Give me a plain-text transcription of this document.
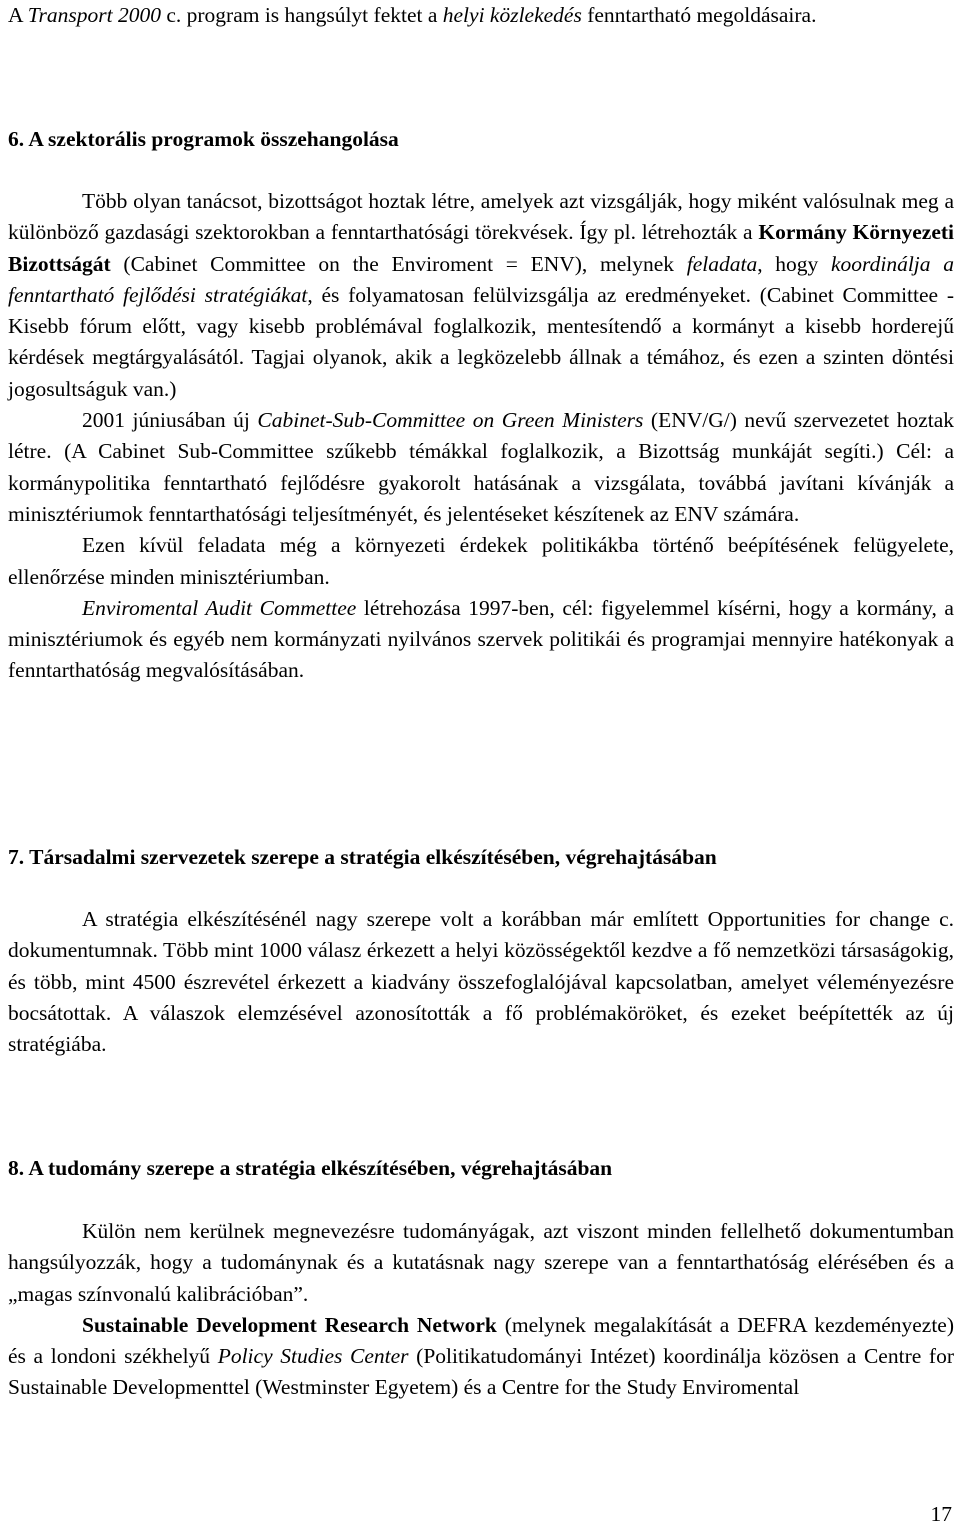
A Transport 2000 c. program is hangsúlyt fektet a helyi közlekedés fenntartható megoldásaira.

6. A szektorális programok összehangolása

Több olyan tanácsot, bizottságot hoztak létre, amelyek azt vizsgálják, hogy miként valósulnak meg a különböző gazdasági szektorokban a fenntarthatósági törekvések. Így pl. létrehozták a Kormány Környezeti Bizottságát (Cabinet Committee on the Enviroment = ENV), melynek feladata, hogy koordinálja a fenntartható fejlődési stratégiákat, és folyamatosan felülvizsgálja az eredményeket. (Cabinet Committee - Kisebb fórum előtt, vagy kisebb problémával foglalkozik, mentesítendő a kormányt a kisebb horderejű kérdések megtárgyalásától. Tagjai olyanok, akik a legközelebb állnak a témához, és ezen a szinten döntési jogosultságuk van.)

2001 júniusában új Cabinet-Sub-Committee on Green Ministers (ENV/G/) nevű szervezetet hoztak létre. (A Cabinet Sub-Committee szűkebb témákkal foglalkozik, a Bizottság munkáját segíti.) Cél: a kormánypolitika fenntartható fejlődésre gyakorolt hatásának a vizsgálata, továbbá javítani kívánják a minisztériumok fenntarthatósági teljesítményét, és jelentéseket készítenek az ENV számára.

Ezen kívül feladata még a környezeti érdekek politikákba történő beépítésének felügyelete, ellenőrzése minden minisztériumban.

Enviromental Audit Commettee létrehozása 1997-ben, cél: figyelemmel kísérni, hogy a kormány, a minisztériumok és egyéb nem kormányzati nyilvános szervek politikái és programjai mennyire hatékonyak a fenntarthatóság megvalósításában.

7. Társadalmi szervezetek szerepe a stratégia elkészítésében, végrehajtásában

A stratégia elkészítésénél nagy szerepe volt a korábban már említett Opportunities for change c. dokumentumnak. Több mint 1000 válasz érkezett a helyi közösségektől kezdve a fő nemzetközi társaságokig, és több, mint 4500 észrevétel érkezett a kiadvány összefoglalójával kapcsolatban, amelyet véleményezésre bocsátottak. A válaszok elemzésével azonosították a fő problémaköröket, és ezeket beépítették az új stratégiába.

8. A tudomány szerepe a stratégia elkészítésében, végrehajtásában

Külön nem kerülnek megnevezésre tudományágak, azt viszont minden fellelhető dokumentumban hangsúlyozzák, hogy a tudománynak és a kutatásnak nagy szerepe van a fenntarthatóság elérésében és a „magas színvonalú kalibrációban”.

Sustainable Development Research Network (melynek megalakítását a DEFRA kezdeményezte) és a londoni székhelyű Policy Studies Center (Politikatudományi Intézet) koordinálja közösen a Centre for Sustainable Developmenttel (Westminster Egyetem) és a Centre for the Study Enviromental

17
